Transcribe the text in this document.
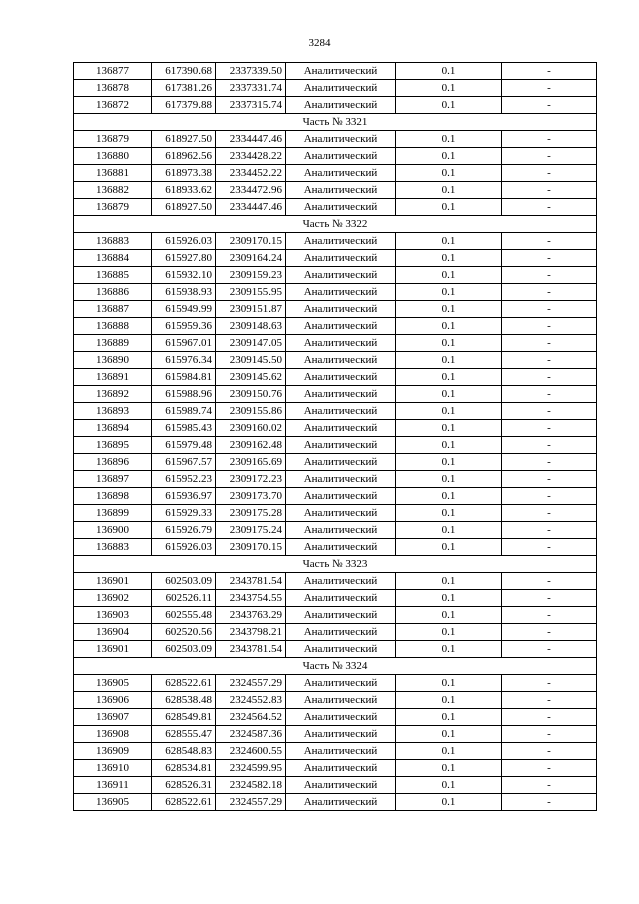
3284
136877	617390.68	2337339.50	Аналитический	0.1	-
136878	617381.26	2337331.74	Аналитический	0.1	-
136872	617379.88	2337315.74	Аналитический	0.1	-
Часть № 3321					
136879	618927.50	2334447.46	Аналитический	0.1	-
136880	618962.56	2334428.22	Аналитический	0.1	-
136881	618973.38	2334452.22	Аналитический	0.1	-
136882	618933.62	2334472.96	Аналитический	0.1	-
136879	618927.50	2334447.46	Аналитический	0.1	-
Часть № 3322					
136883	615926.03	2309170.15	Аналитический	0.1	-
136884	615927.80	2309164.24	Аналитический	0.1	-
136885	615932.10	2309159.23	Аналитический	0.1	-
136886	615938.93	2309155.95	Аналитический	0.1	-
136887	615949.99	2309151.87	Аналитический	0.1	-
136888	615959.36	2309148.63	Аналитический	0.1	-
136889	615967.01	2309147.05	Аналитический	0.1	-
136890	615976.34	2309145.50	Аналитический	0.1	-
136891	615984.81	2309145.62	Аналитический	0.1	-
136892	615988.96	2309150.76	Аналитический	0.1	-
136893	615989.74	2309155.86	Аналитический	0.1	-
136894	615985.43	2309160.02	Аналитический	0.1	-
136895	615979.48	2309162.48	Аналитический	0.1	-
136896	615967.57	2309165.69	Аналитический	0.1	-
136897	615952.23	2309172.23	Аналитический	0.1	-
136898	615936.97	2309173.70	Аналитический	0.1	-
136899	615929.33	2309175.28	Аналитический	0.1	-
136900	615926.79	2309175.24	Аналитический	0.1	-
136883	615926.03	2309170.15	Аналитический	0.1	-
Часть № 3323					
136901	602503.09	2343781.54	Аналитический	0.1	-
136902	602526.11	2343754.55	Аналитический	0.1	-
136903	602555.48	2343763.29	Аналитический	0.1	-
136904	602520.56	2343798.21	Аналитический	0.1	-
136901	602503.09	2343781.54	Аналитический	0.1	-
Часть № 3324					
136905	628522.61	2324557.29	Аналитический	0.1	-
136906	628538.48	2324552.83	Аналитический	0.1	-
136907	628549.81	2324564.52	Аналитический	0.1	-
136908	628555.47	2324587.36	Аналитический	0.1	-
136909	628548.83	2324600.55	Аналитический	0.1	-
136910	628534.81	2324599.95	Аналитический	0.1	-
136911	628526.31	2324582.18	Аналитический	0.1	-
136905	628522.61	2324557.29	Аналитический	0.1	-
